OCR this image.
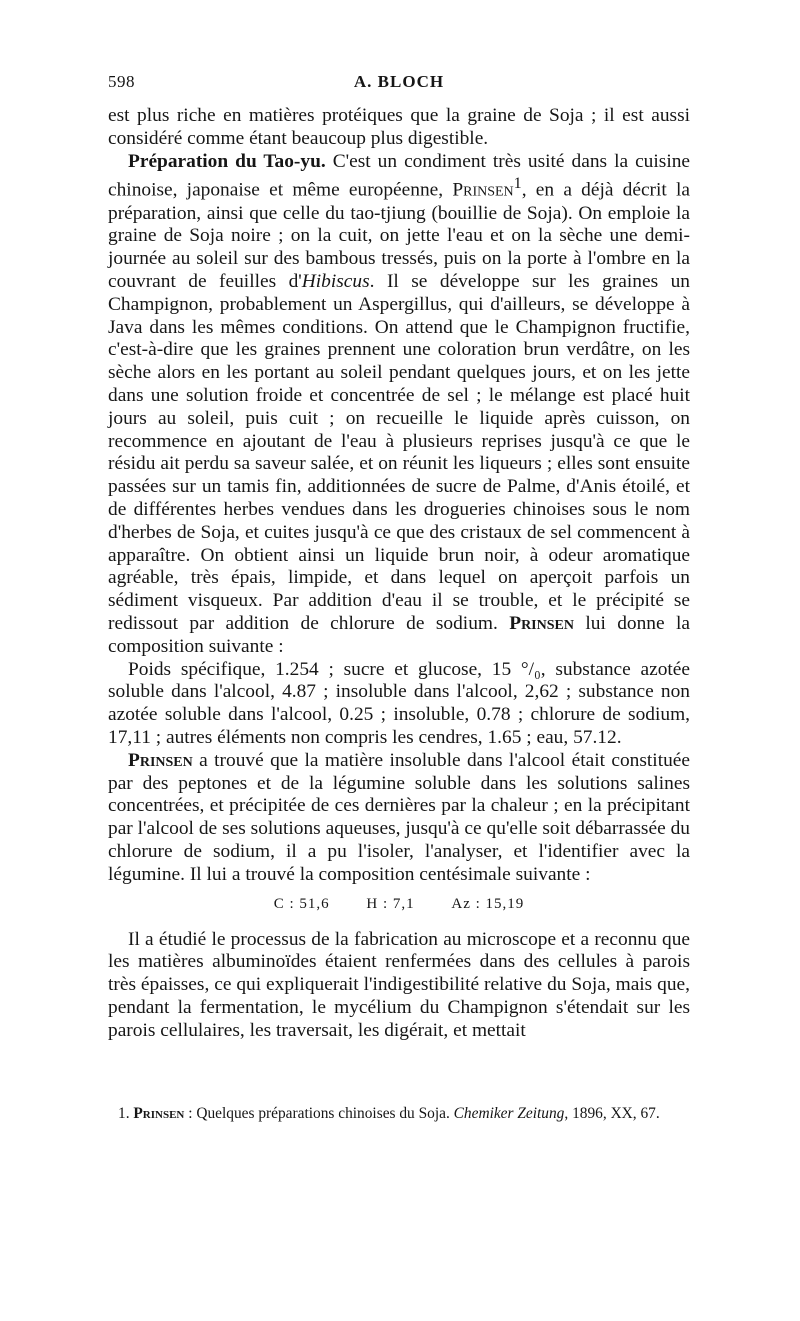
598	A. BLOCH

est plus riche en matières protéiques que la graine de Soja ; il est aussi considéré comme étant beaucoup plus digestible.

Préparation du Tao-yu. C'est un condiment très usité dans la cuisine chinoise, japonaise et même européenne, Prinsen$^1$, en a déjà décrit la préparation, ainsi que celle du tao-tjiung (bouillie de Soja). On emploie la graine de Soja noire ; on la cuit, on jette l'eau et on la sèche une demi-journée au soleil sur des bambous tressés, puis on la porte à l'ombre en la couvrant de feuilles d'Hibiscus. Il se développe sur les graines un Champignon, probablement un Aspergillus, qui d'ailleurs, se développe à Java dans les mêmes conditions. On attend que le Champignon fructifie, c'est-à-dire que les graines prennent une coloration brun verdâtre, on les sèche alors en les portant au soleil pendant quelques jours, et on les jette dans une solution froide et concentrée de sel ; le mélange est placé huit jours au soleil, puis cuit ; on recueille le liquide après cuisson, on recommence en ajoutant de l'eau à plusieurs reprises jusqu'à ce que le résidu ait perdu sa saveur salée, et on réunit les liqueurs ; elles sont ensuite passées sur un tamis fin, additionnées de sucre de Palme, d'Anis étoilé, et de différentes herbes vendues dans les drogueries chinoises sous le nom d'herbes de Soja, et cuites jusqu'à ce que des cristaux de sel commencent à apparaître. On obtient ainsi un liquide brun noir, à odeur aromatique agréable, très épais, limpide, et dans lequel on aperçoit parfois un sédiment visqueux. Par addition d'eau il se trouble, et le précipité se redissout par addition de chlorure de sodium. Prinsen lui donne la composition suivante :

Poids spécifique, 1.254 ; sucre et glucose, 15 °/₀, substance azotée soluble dans l'alcool, 4.87 ; insoluble dans l'alcool, 2,62 ; substance non azotée soluble dans l'alcool, 0.25 ; insoluble, 0.78 ; chlorure de sodium, 17,11 ; autres éléments non compris les cendres, 1.65 ; eau, 57.12.

Prinsen a trouvé que la matière insoluble dans l'alcool était constituée par des peptones et de la légumine soluble dans les solutions salines concentrées, et précipitée de ces dernières par la chaleur ; en la précipitant par l'alcool de ses solutions aqueuses, jusqu'à ce qu'elle soit débarrassée du chlorure de sodium, il a pu l'isoler, l'analyser, et l'identifier avec la légumine. Il lui a trouvé la composition centésimale suivante :

C : 51,6 H : 7,1 Az : 15,19

Il a étudié le processus de la fabrication au microscope et a reconnu que les matières albuminoïdes étaient renfermées dans des cellules à parois très épaisses, ce qui expliquerait l'indigestibilité relative du Soja, mais que, pendant la fermentation, le mycélium du Champignon s'étendait sur les parois cellulaires, les traversait, les digérait, et mettait

1. Prinsen : Quelques préparations chinoises du Soja. Chemiker Zeitung, 1896, XX, 67.
